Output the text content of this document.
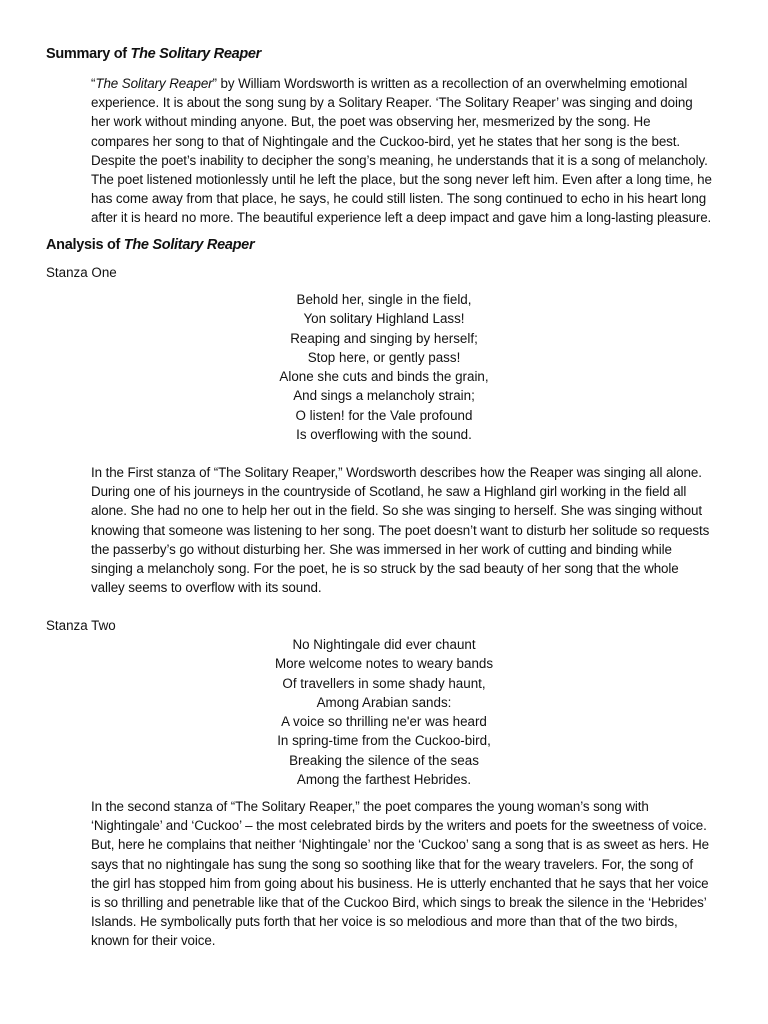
Summary of The Solitary Reaper
“The Solitary Reaper” by William Wordsworth is written as a recollection of an overwhelming emotional
experience. It is about the song sung by a Solitary Reaper. ‘The Solitary Reaper’ was singing and doing
her work without minding anyone. But, the poet was observing her, mesmerized by the song. He
compares her song to that of Nightingale and the Cuckoo-bird, yet he states that her song is the best.
Despite the poet’s inability to decipher the song’s meaning, he understands that it is a song of melancholy.
The poet listened motionlessly until he left the place, but the song never left him. Even after a long time, he
has come away from that place, he says, he could still listen. The song continued to echo in his heart long
after it is heard no more. The beautiful experience left a deep impact and gave him a long-lasting pleasure.
Analysis of The Solitary Reaper
Stanza One
Behold her, single in the field,
Yon solitary Highland Lass!
Reaping and singing by herself;
Stop here, or gently pass!
Alone she cuts and binds the grain,
And sings a melancholy strain;
O listen! for the Vale profound
Is overflowing with the sound.
In the First stanza of “The Solitary Reaper,” Wordsworth describes how the Reaper was singing all alone.
During one of his journeys in the countryside of Scotland, he saw a Highland girl working in the field all
alone. She had no one to help her out in the field. So she was singing to herself. She was singing without
knowing that someone was listening to her song. The poet doesn’t want to disturb her solitude so requests
the passerby’s go without disturbing her. She was immersed in her work of cutting and binding while
singing a melancholy song. For the poet, he is so struck by the sad beauty of her song that the whole
valley seems to overflow with its sound.
Stanza Two
No Nightingale did ever chaunt
More welcome notes to weary bands
Of travellers in some shady haunt,
Among Arabian sands:
A voice so thrilling ne'er was heard
In spring-time from the Cuckoo-bird,
Breaking the silence of the seas
Among the farthest Hebrides.
In the second stanza of “The Solitary Reaper,” the poet compares the young woman’s song with
‘Nightingale’ and ‘Cuckoo’ – the most celebrated birds by the writers and poets for the sweetness of voice.
But, here he complains that neither ‘Nightingale’ nor the ‘Cuckoo’ sang a song that is as sweet as hers. He
says that no nightingale has sung the song so soothing like that for the weary travelers. For, the song of
the girl has stopped him from going about his business. He is utterly enchanted that he says that her voice
is so thrilling and penetrable like that of the Cuckoo Bird, which sings to break the silence in the ‘Hebrides’
Islands. He symbolically puts forth that her voice is so melodious and more than that of the two birds,
known for their voice.
